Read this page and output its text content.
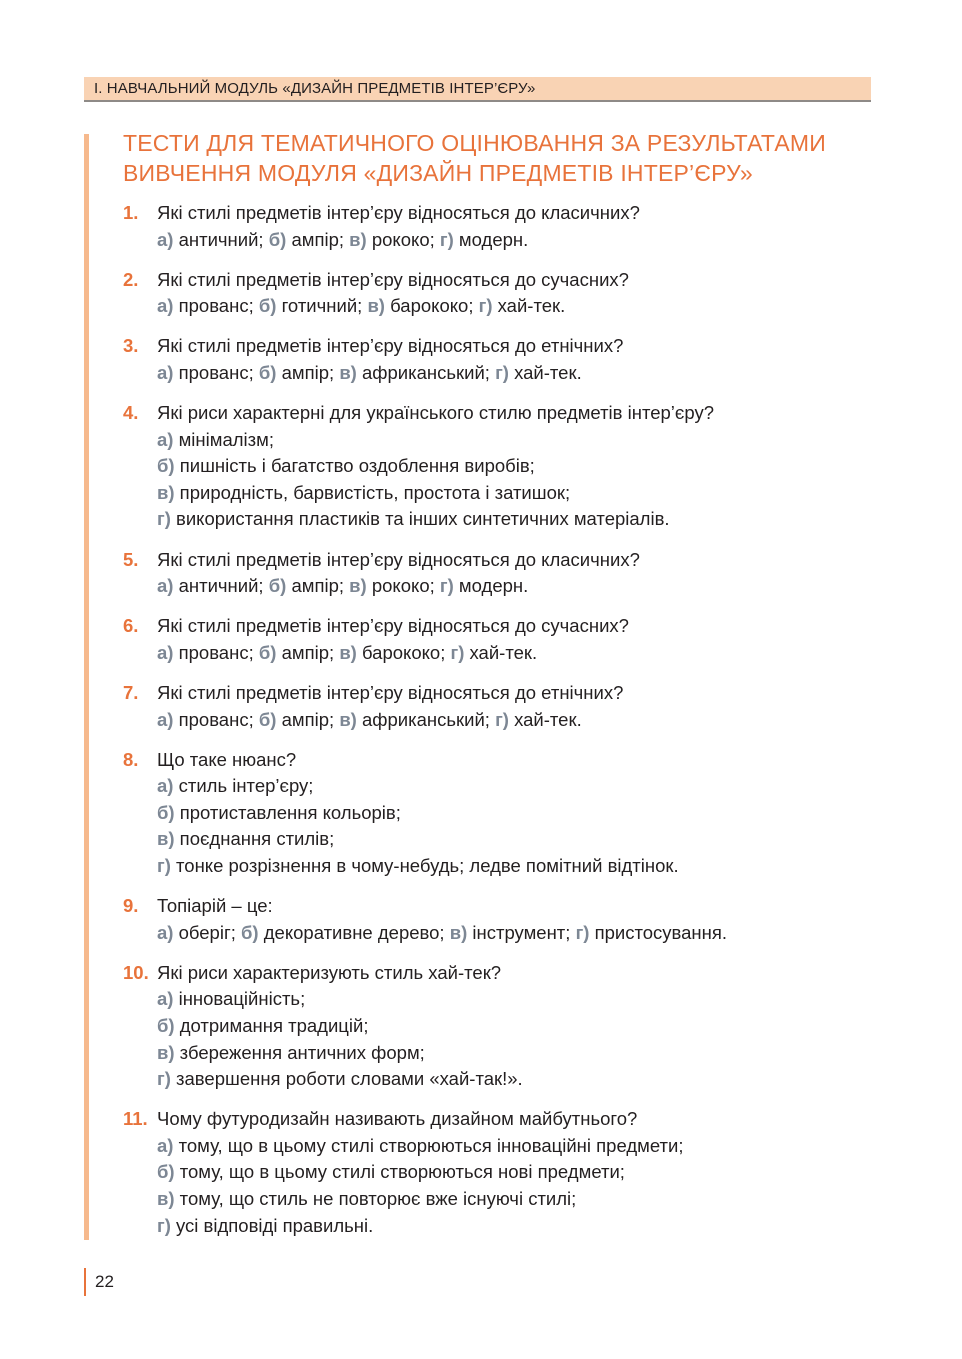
І. НАВЧАЛЬНИЙ МОДУЛЬ «ДИЗАЙН ПРЕДМЕТІВ ІНТЕР’ЄРУ»
ТЕСТИ ДЛЯ ТЕМАТИЧНОГО ОЦІНЮВАННЯ ЗА РЕЗУЛЬТАТАМИ
ВИВЧЕННЯ МОДУЛЯ «ДИЗАЙН ПРЕДМЕТІВ ІНТЕР’ЄРУ»
1. Які стилі предметів інтер’єру відносяться до класичних?
а) античний; б) ампір; в) рококо; г) модерн.
2. Які стилі предметів інтер’єру відносяться до сучасних?
а) прованс; б) готичний; в) барококо; г) хай-тек.
3. Які стилі предметів інтер’єру відносяться до етнічних?
а) прованс; б) ампір; в) африканський; г) хай-тек.
4. Які риси характерні для українського стилю предметів інтер’єру?
а) мінімалізм;
б) пишність і багатство оздоблення виробів;
в) природність, барвистість, простота і затишок;
г) використання пластиків та інших синтетичних матеріалів.
5. Які стилі предметів інтер’єру відносяться до класичних?
а) античний; б) ампір; в) рококо; г) модерн.
6. Які стилі предметів інтер’єру відносяться до сучасних?
а) прованс; б) ампір; в) барококо; г) хай-тек.
7. Які стилі предметів інтер’єру відносяться до етнічних?
а) прованс; б) ампір; в) африканський; г) хай-тек.
8. Що таке нюанс?
а) стиль інтер’єру;
б) протиставлення кольорів;
в) поєднання стилів;
г) тонке розрізнення в чому-небудь; ледве помітний відтінок.
9. Топіарій – це:
а) оберіг; б) декоративне дерево; в) інструмент; г) пристосування.
10. Які риси характеризують стиль хай-тек?
а) інноваційність;
б) дотримання традицій;
в) збереження античних форм;
г) завершення роботи словами «хай-так!».
11. Чому футуродизайн називають дизайном майбутнього?
а) тому, що в цьому стилі створюються інноваційні предмети;
б) тому, що в цьому стилі створюються нові предмети;
в) тому, що стиль не повторює вже існуючі стилі;
г) усі відповіді правильні.
22
